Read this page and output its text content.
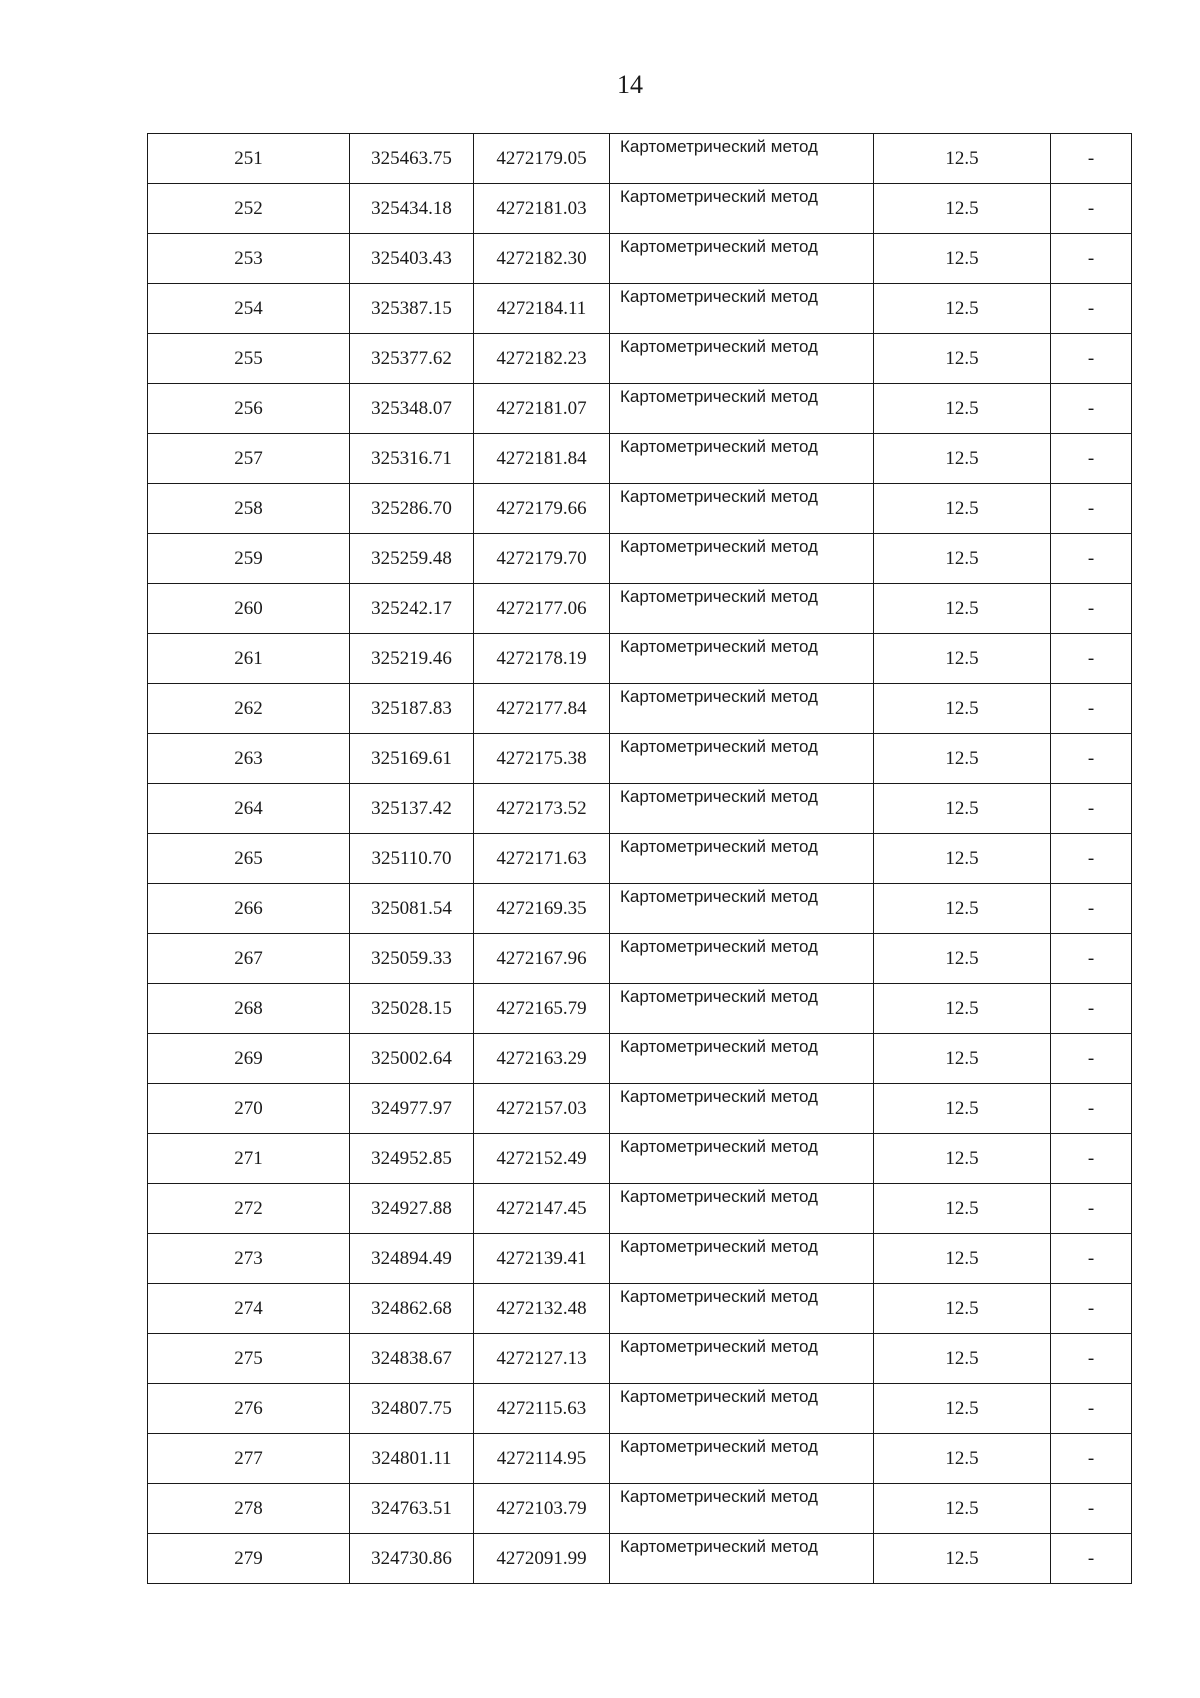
14
251	325463.75	4272179.05	Картометрический метод	12.5	-
252	325434.18	4272181.03	Картометрический метод	12.5	-
253	325403.43	4272182.30	Картометрический метод	12.5	-
254	325387.15	4272184.11	Картометрический метод	12.5	-
255	325377.62	4272182.23	Картометрический метод	12.5	-
256	325348.07	4272181.07	Картометрический метод	12.5	-
257	325316.71	4272181.84	Картометрический метод	12.5	-
258	325286.70	4272179.66	Картометрический метод	12.5	-
259	325259.48	4272179.70	Картометрический метод	12.5	-
260	325242.17	4272177.06	Картометрический метод	12.5	-
261	325219.46	4272178.19	Картометрический метод	12.5	-
262	325187.83	4272177.84	Картометрический метод	12.5	-
263	325169.61	4272175.38	Картометрический метод	12.5	-
264	325137.42	4272173.52	Картометрический метод	12.5	-
265	325110.70	4272171.63	Картометрический метод	12.5	-
266	325081.54	4272169.35	Картометрический метод	12.5	-
267	325059.33	4272167.96	Картометрический метод	12.5	-
268	325028.15	4272165.79	Картометрический метод	12.5	-
269	325002.64	4272163.29	Картометрический метод	12.5	-
270	324977.97	4272157.03	Картометрический метод	12.5	-
271	324952.85	4272152.49	Картометрический метод	12.5	-
272	324927.88	4272147.45	Картометрический метод	12.5	-
273	324894.49	4272139.41	Картометрический метод	12.5	-
274	324862.68	4272132.48	Картометрический метод	12.5	-
275	324838.67	4272127.13	Картометрический метод	12.5	-
276	324807.75	4272115.63	Картометрический метод	12.5	-
277	324801.11	4272114.95	Картометрический метод	12.5	-
278	324763.51	4272103.79	Картометрический метод	12.5	-
279	324730.86	4272091.99	Картометрический метод	12.5	-
